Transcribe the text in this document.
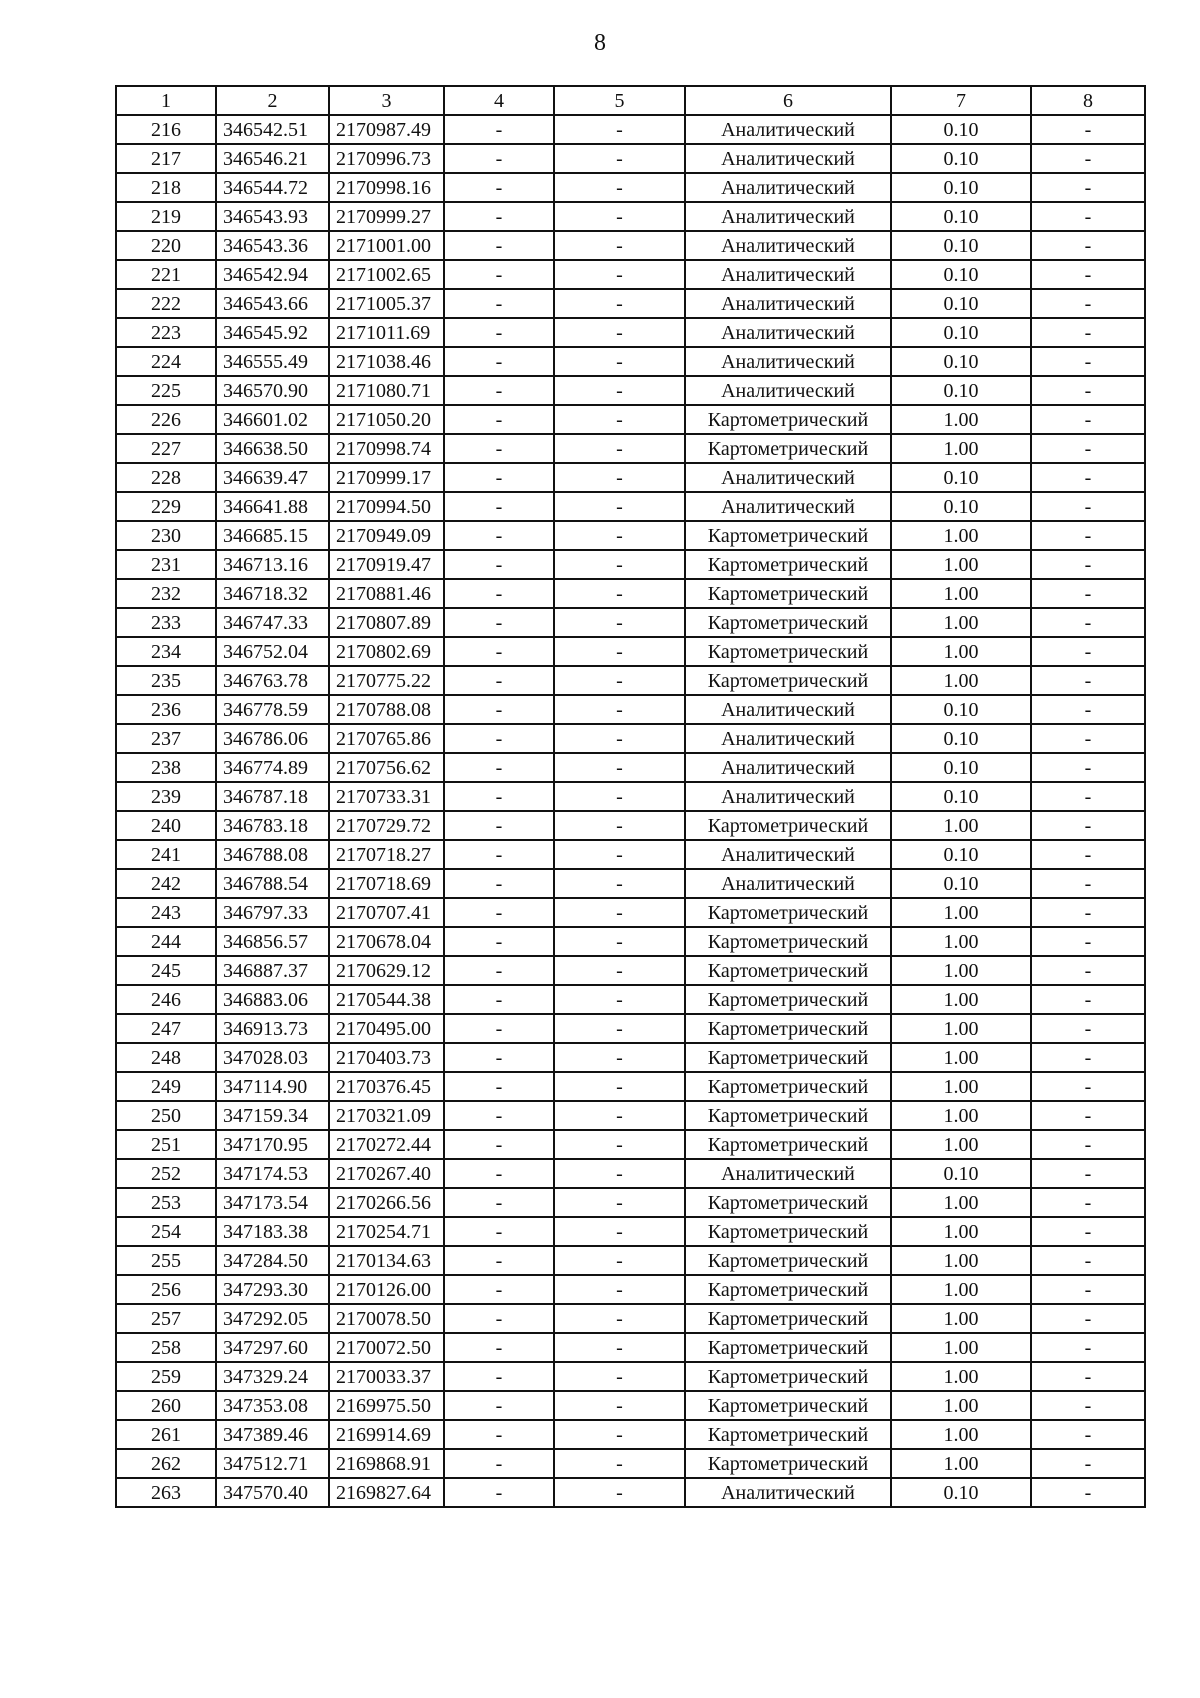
8
1	2	3	4	5	6	7	8
216	346542.51	2170987.49	-	-	Аналитический	0.10	-
217	346546.21	2170996.73	-	-	Аналитический	0.10	-
218	346544.72	2170998.16	-	-	Аналитический	0.10	-
219	346543.93	2170999.27	-	-	Аналитический	0.10	-
220	346543.36	2171001.00	-	-	Аналитический	0.10	-
221	346542.94	2171002.65	-	-	Аналитический	0.10	-
222	346543.66	2171005.37	-	-	Аналитический	0.10	-
223	346545.92	2171011.69	-	-	Аналитический	0.10	-
224	346555.49	2171038.46	-	-	Аналитический	0.10	-
225	346570.90	2171080.71	-	-	Аналитический	0.10	-
226	346601.02	2171050.20	-	-	Картометрический	1.00	-
227	346638.50	2170998.74	-	-	Картометрический	1.00	-
228	346639.47	2170999.17	-	-	Аналитический	0.10	-
229	346641.88	2170994.50	-	-	Аналитический	0.10	-
230	346685.15	2170949.09	-	-	Картометрический	1.00	-
231	346713.16	2170919.47	-	-	Картометрический	1.00	-
232	346718.32	2170881.46	-	-	Картометрический	1.00	-
233	346747.33	2170807.89	-	-	Картометрический	1.00	-
234	346752.04	2170802.69	-	-	Картометрический	1.00	-
235	346763.78	2170775.22	-	-	Картометрический	1.00	-
236	346778.59	2170788.08	-	-	Аналитический	0.10	-
237	346786.06	2170765.86	-	-	Аналитический	0.10	-
238	346774.89	2170756.62	-	-	Аналитический	0.10	-
239	346787.18	2170733.31	-	-	Аналитический	0.10	-
240	346783.18	2170729.72	-	-	Картометрический	1.00	-
241	346788.08	2170718.27	-	-	Аналитический	0.10	-
242	346788.54	2170718.69	-	-	Аналитический	0.10	-
243	346797.33	2170707.41	-	-	Картометрический	1.00	-
244	346856.57	2170678.04	-	-	Картометрический	1.00	-
245	346887.37	2170629.12	-	-	Картометрический	1.00	-
246	346883.06	2170544.38	-	-	Картометрический	1.00	-
247	346913.73	2170495.00	-	-	Картометрический	1.00	-
248	347028.03	2170403.73	-	-	Картометрический	1.00	-
249	347114.90	2170376.45	-	-	Картометрический	1.00	-
250	347159.34	2170321.09	-	-	Картометрический	1.00	-
251	347170.95	2170272.44	-	-	Картометрический	1.00	-
252	347174.53	2170267.40	-	-	Аналитический	0.10	-
253	347173.54	2170266.56	-	-	Картометрический	1.00	-
254	347183.38	2170254.71	-	-	Картометрический	1.00	-
255	347284.50	2170134.63	-	-	Картометрический	1.00	-
256	347293.30	2170126.00	-	-	Картометрический	1.00	-
257	347292.05	2170078.50	-	-	Картометрический	1.00	-
258	347297.60	2170072.50	-	-	Картометрический	1.00	-
259	347329.24	2170033.37	-	-	Картометрический	1.00	-
260	347353.08	2169975.50	-	-	Картометрический	1.00	-
261	347389.46	2169914.69	-	-	Картометрический	1.00	-
262	347512.71	2169868.91	-	-	Картометрический	1.00	-
263	347570.40	2169827.64	-	-	Аналитический	0.10	-
